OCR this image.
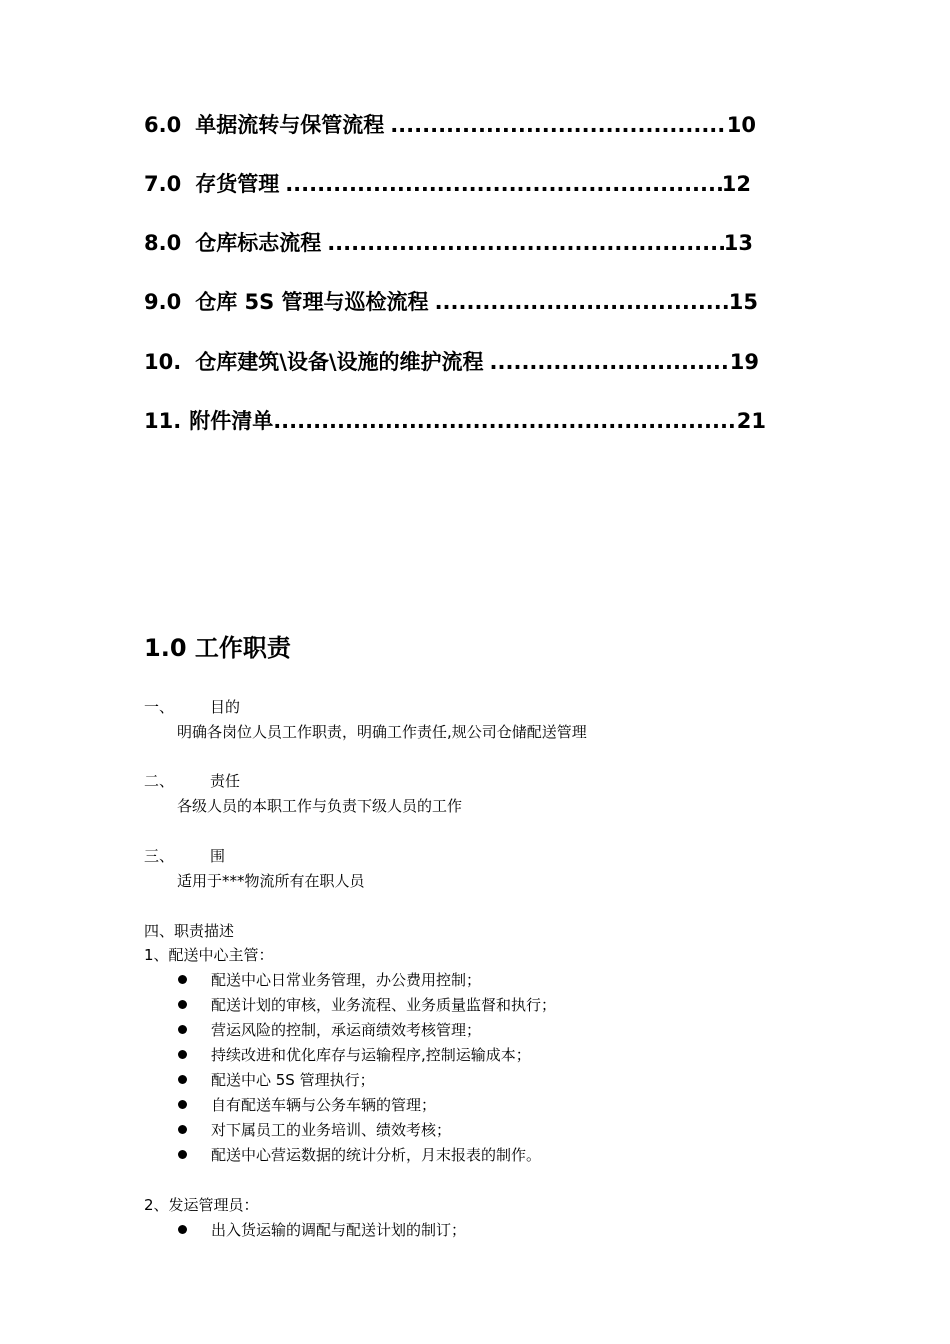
6.0 单据流转与保管流程 .....	10
7.0 存货管理 .....	12
8.0 仓库标志流程 .....	13
9.0 仓库 5S 管理与巡检流程 .....	15
10. 仓库建筑\设备\设施的维护流程 .....	19
11. 附件清单 .....	21
1.0 工作职责
一、 目的
明确各岗位人员工作职责，明确工作责任,规公司仓储配送管理
二、 责任
各级人员的本职工作与负责下级人员的工作
三、 围
适用于***物流所有在职人员
四、职责描述
1、配送中心主管：
配送中心日常业务管理，办公费用控制；
配送计划的审核，业务流程、业务质量监督和执行；
营运风险的控制，承运商绩效考核管理；
持续改进和优化库存与运输程序,控制运输成本；
配送中心 5S 管理执行；
自有配送车辆与公务车辆的管理；
对下属员工的业务培训、绩效考核；
配送中心营运数据的统计分析，月末报表的制作。
2、发运管理员：
出入货运输的调配与配送计划的制订；
